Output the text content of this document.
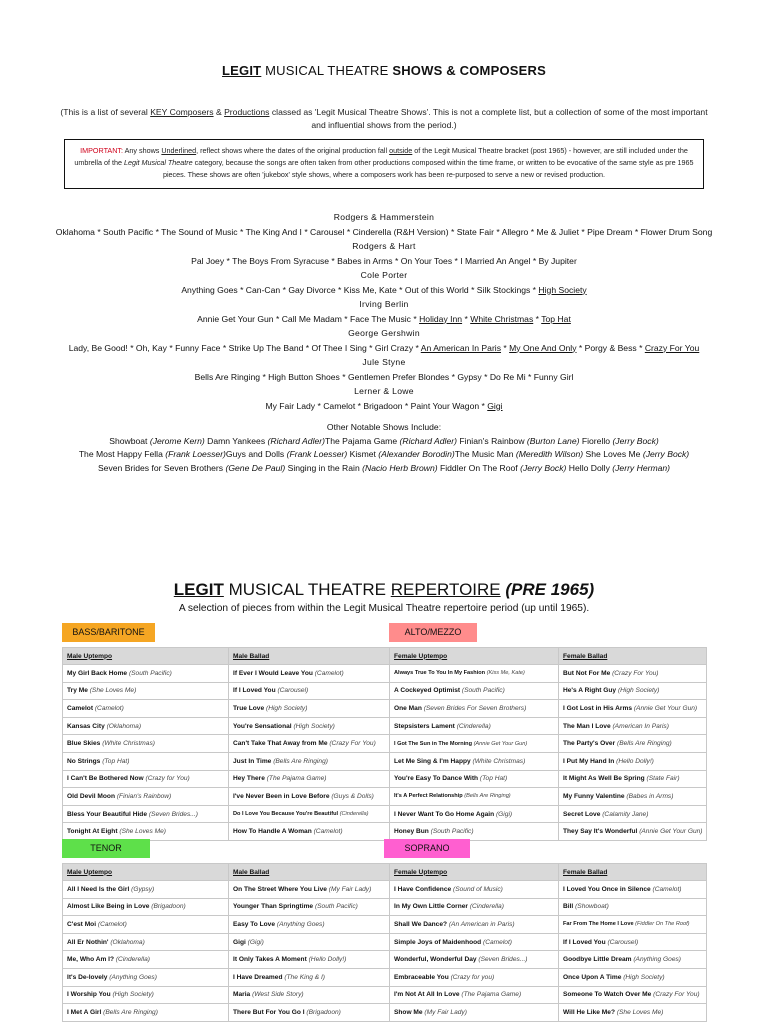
LEGIT MUSICAL THEATRE SHOWS & COMPOSERS
(This is a list of several KEY Composers & Productions classed as 'Legit Musical Theatre Shows'. This is not a complete list, but a collection of some of the most important and influential shows from the period.)
IMPORTANT: Any shows Underlined, reflect shows where the dates of the original production fall outside of the Legit Musical Theatre bracket (post 1965) - however, are still included under the umbrella of the Legit Musical Theatre category, because the songs are often taken from other productions composed within the time frame, or written to be evocative of the same style as pre 1965 pieces. These shows are often 'jukebox' style shows, where a composers work has been re-purposed to serve a new or revised production.
Rodgers & Hammerstein
Oklahoma * South Pacific * The Sound of Music * The King And I * Carousel * Cinderella (R&H Version) * State Fair * Allegro * Me & Juliet * Pipe Dream * Flower Drum Song
Rodgers & Hart
Pal Joey * The Boys From Syracuse * Babes in Arms * On Your Toes * I Married An Angel * By Jupiter
Cole Porter
Anything Goes * Can-Can * Gay Divorce * Kiss Me, Kate * Out of this World * Silk Stockings * High Society
Irving Berlin
Annie Get Your Gun * Call Me Madam * Face The Music * Holiday Inn * White Christmas * Top Hat
George Gershwin
Lady, Be Good! * Oh, Kay * Funny Face * Strike Up The Band * Of Thee I Sing * Girl Crazy * An American In Paris * My One And Only * Porgy & Bess * Crazy For You
Jule Styne
Bells Are Ringing * High Button Shoes * Gentlemen Prefer Blondes * Gypsy * Do Re Mi * Funny Girl
Lerner & Lowe
My Fair Lady * Camelot * Brigadoon * Paint Your Wagon * Gigi
Other Notable Shows Include:
Showboat (Jerome Kern) Damn Yankees (Richard Adler)The Pajama Game (Richard Adler) Finian's Rainbow (Burton Lane) Fiorello (Jerry Bock)
The Most Happy Fella (Frank Loesser)Guys and Dolls (Frank Loesser) Kismet (Alexander Borodin)The Music Man (Meredith Wilson) She Loves Me (Jerry Bock)
Seven Brides for Seven Brothers (Gene De Paul) Singing in the Rain (Nacio Herb Brown) Fiddler On The Roof (Jerry Bock) Hello Dolly (Jerry Herman)
LEGIT MUSICAL THEATRE REPERTOIRE (PRE 1965)
A selection of pieces from within the Legit Musical Theatre repertoire period (up until 1965).
BASS/BARITONE	ALTO/MEZZO
Male Uptempo	Male Ballad	Female Uptempo	Female Ballad
My Girl Back Home (South Pacific)	If Ever I Would Leave You (Camelot)	Always True To You In My Fashion (Kiss Me, Kate)	But Not For Me (Crazy For You)
Try Me (She Loves Me)	If I Loved You (Carousel)	A Cockeyed Optimist (South Pacific)	He's A Right Guy (High Society)
Camelot (Camelot)	True Love (High Society)	One Man (Seven Brides For Seven Brothers)	I Got Lost in His Arms (Annie Get Your Gun)
Kansas City (Oklahoma)	You're Sensational (High Society)	Stepsisters Lament (Cinderella)	The Man I Love (American In Paris)
Blue Skies (White Christmas)	Can't Take That Away from Me (Crazy For You)	I Got The Sun in The Morning (Annie Get Your Gun)	The Party's Over (Bells Are Ringing)
No Strings (Top Hat)	Just In Time (Bells Are Ringing)	Let Me Sing & I'm Happy (White Christmas)	I Put My Hand In (Hello Dolly!)
I Can't Be Bothered Now (Crazy for You)	Hey There (The Pajama Game)	You're Easy To Dance With (Top Hat)	It Might As Well Be Spring (State Fair)
Old Devil Moon (Finian's Rainbow)	I've Never Been in Love Before (Guys & Dolls)	It's A Perfect Relationship (Bells Are Ringing)	My Funny Valentine (Babes in Arms)
Bless Your Beautiful Hide (Seven Brides...)	Do I Love You Because You're Beautiful (Cinderella)	I Never Want To Go Home Again (Gigi)	Secret Love (Calamity Jane)
Tonight At Eight (She Loves Me)	How To Handle A Woman (Camelot)	Honey Bun (South Pacific)	They Say It's Wonderful (Annie Get Your Gun)
TENOR	SOPRANO
Male Uptempo	Male Ballad	Female Uptempo	Female Ballad
All I Need Is the Girl (Gypsy)	On The Street Where You Live (My Fair Lady)	I Have Confidence (Sound of Music)	I Loved You Once in Silence (Camelot)
Almost Like Being in Love (Brigadoon)	Younger Than Springtime (South Pacific)	In My Own Little Corner (Cinderella)	Bill (Showboat)
C'est Moi (Camelot)	Easy To Love (Anything Goes)	Shall We Dance? (An American in Paris)	Far From The Home I Love (Fiddler On The Roof)
All Er Nothin' (Oklahoma)	Gigi (Gigi)	Simple Joys of Maidenhood (Camelot)	If I Loved You (Carousel)
Me, Who Am I? (Cinderella)	It Only Takes A Moment (Hello Dolly!)	Wonderful, Wonderful Day (Seven Brides...)	Goodbye Little Dream (Anything Goes)
It's De-lovely (Anything Goes)	I Have Dreamed (The King & I)	Embraceable You (Crazy for you)	Once Upon A Time (High Society)
I Worship You (High Society)	Maria (West Side Story)	I'm Not At All In Love (The Pajama Game)	Someone To Watch Over Me (Crazy For You)
I Met A Girl (Bells Are Ringing)	There But For You Go I (Brigadoon)	Show Me (My Fair Lady)	Will He Like Me? (She Loves Me)
